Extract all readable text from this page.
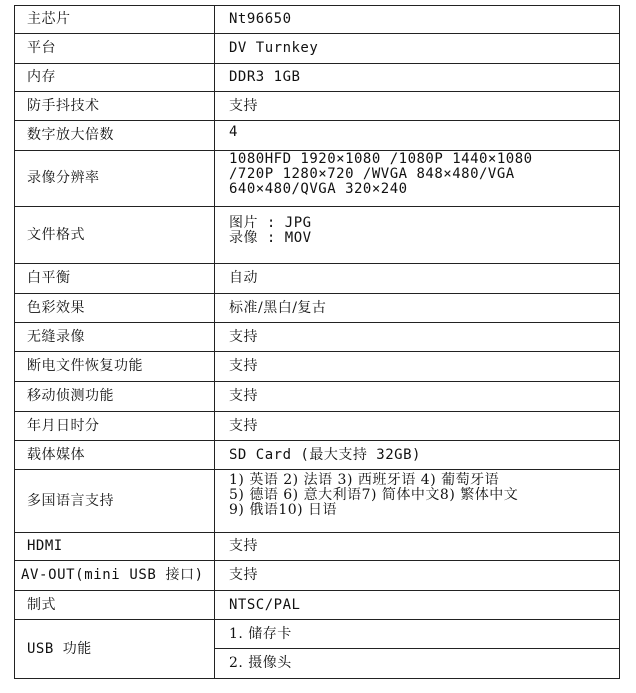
主芯片	Nt96650
平台	DV Turnkey
内存	DDR3 1GB
防手抖技术	支持
数字放大倍数	4
录像分辨率	1080HFD 1920×1080 /1080P 1440×1080
/720P 1280×720 /WVGA 848×480/VGA
640×480/QVGA 320×240

文件格式	图片 : JPG
录像 : MOV

白平衡	自动
色彩效果	标准/黑白/复古
无缝录像	支持
断电文件恢复功能	支持
移动侦测功能	支持
年月日时分	支持
载体媒体	SD Card (最大支持 32GB)
多国语言支持	1) 英语 2) 法语 3) 西班牙语 4) 葡萄牙语
5) 德语 6) 意大利语7) 简体中文8) 繁体中文
9) 俄语10) 日语

HDMI	支持
AV-OUT(mini USB 接口)	支持
制式	NTSC/PAL
USB 功能	1. 储存卡
	2. 摄像头
